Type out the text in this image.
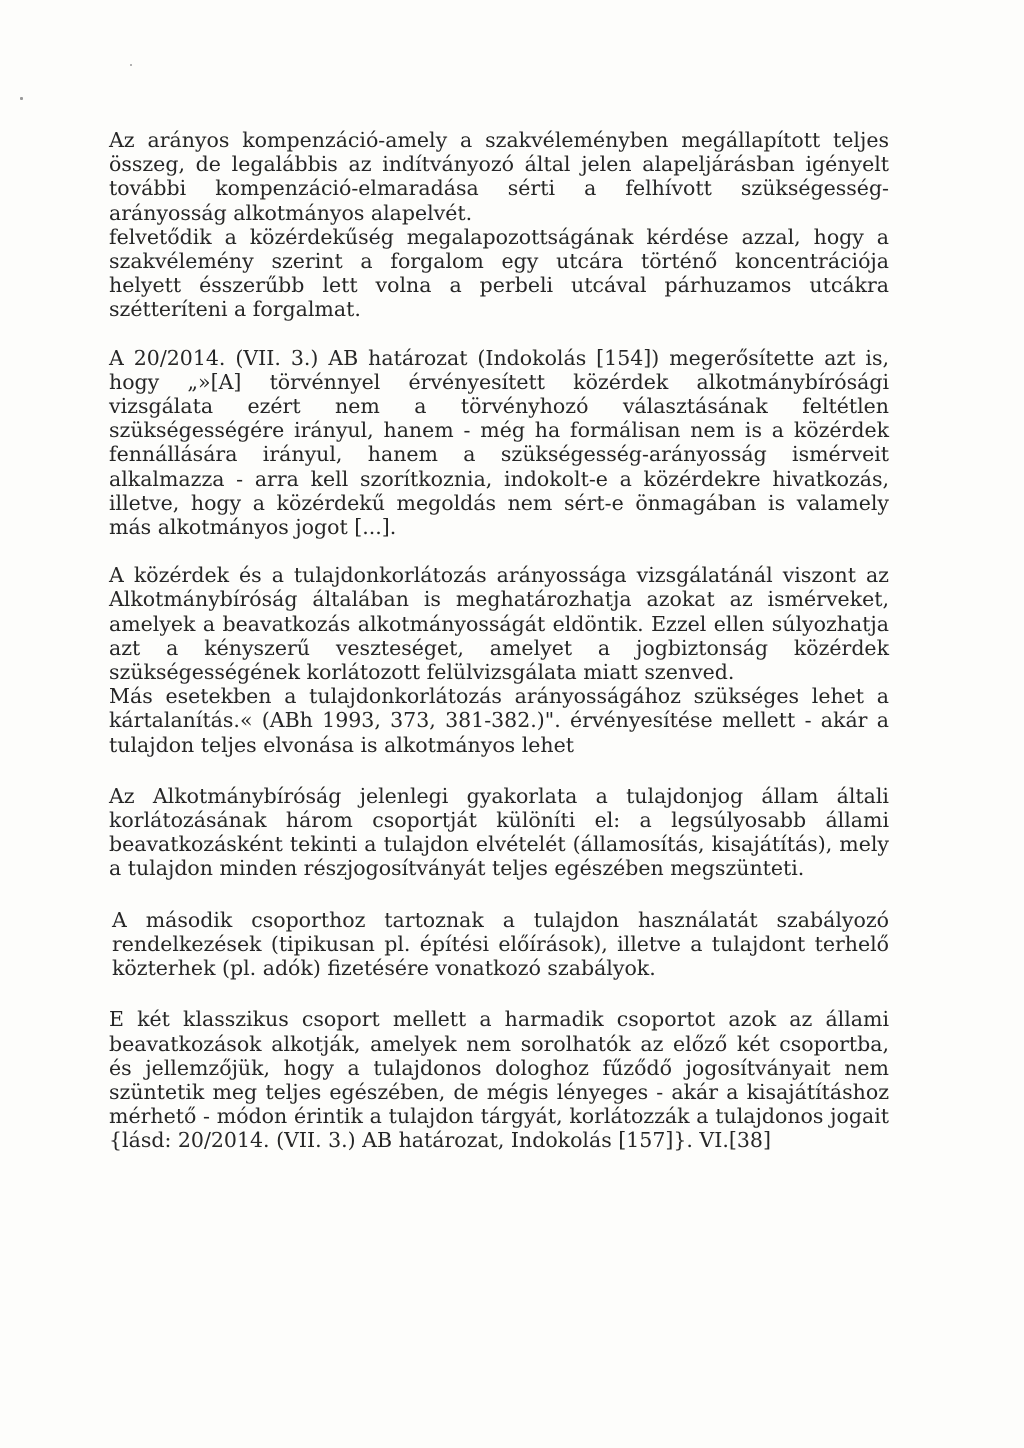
Az arányos kompenzáció-amely a szakvéleményben megállapított teljes összeg, de legalábbis az indítványozó által jelen alapeljárásban igényelt további kompenzáció-elmaradása sérti a felhívott szükségesség-arányosság alkotmányos alapelvét.

felvetődik a közérdekűség megalapozottságának kérdése azzal, hogy a szakvélemény szerint a forgalom egy utcára történő koncentrációja helyett ésszerűbb lett volna a perbeli utcával párhuzamos utcákra szétteríteni a forgalmat.

A 20/2014. (VII. 3.) AB határozat (Indokolás [154]) megerősítette azt is, hogy „»[A] törvénnyel érvényesített közérdek alkotmánybírósági vizsgálata ezért nem a törvényhozó választásának feltétlen szükségességére irányul, hanem - még ha formálisan nem is a közérdek fennállására irányul, hanem a szükségesség-arányosság ismérveit alkalmazza - arra kell szorítkoznia, indokolt-e a közérdekre hivatkozás, illetve, hogy a közérdekű megoldás nem sért-e önmagában is valamely más alkotmányos jogot [...].

A közérdek és a tulajdonkorlátozás arányossága vizsgálatánál viszont az Alkotmánybíróság általában is meghatározhatja azokat az ismérveket, amelyek a beavatkozás alkotmányosságát eldöntik. Ezzel ellen súlyozhatja azt a kényszerű veszteséget, amelyet a jogbiztonság közérdek szükségességének korlátozott felülvizsgálata miatt szenved.

Más esetekben a tulajdonkorlátozás arányosságához szükséges lehet a kártalanítás.« (ABh 1993, 373, 381-382.)". érvényesítése mellett - akár a tulajdon teljes elvonása is alkotmányos lehet

Az Alkotmánybíróság jelenlegi gyakorlata a tulajdonjog állam általi korlátozásának három csoportját különíti el: a legsúlyosabb állami beavatkozásként tekinti a tulajdon elvételét (államosítás, kisajátítás), mely a tulajdon minden részjogosítványát teljes egészében megszünteti.

A második csoporthoz tartoznak a tulajdon használatát szabályozó rendelkezések (tipikusan pl. építési előírások), illetve a tulajdont terhelő közterhek (pl. adók) fizetésére vonatkozó szabályok.

E két klasszikus csoport mellett a harmadik csoportot azok az állami beavatkozások alkotják, amelyek nem sorolhatók az előző két csoportba, és jellemzőjük, hogy a tulajdonos dologhoz fűződő jogosítványait nem szüntetik meg teljes egészében, de mégis lényeges - akár a kisajátításhoz mérhető - módon érintik a tulajdon tárgyát, korlátozzák a tulajdonos jogait {lásd: 20/2014. (VII. 3.) AB határozat, Indokolás [157]}. VI.[38]
